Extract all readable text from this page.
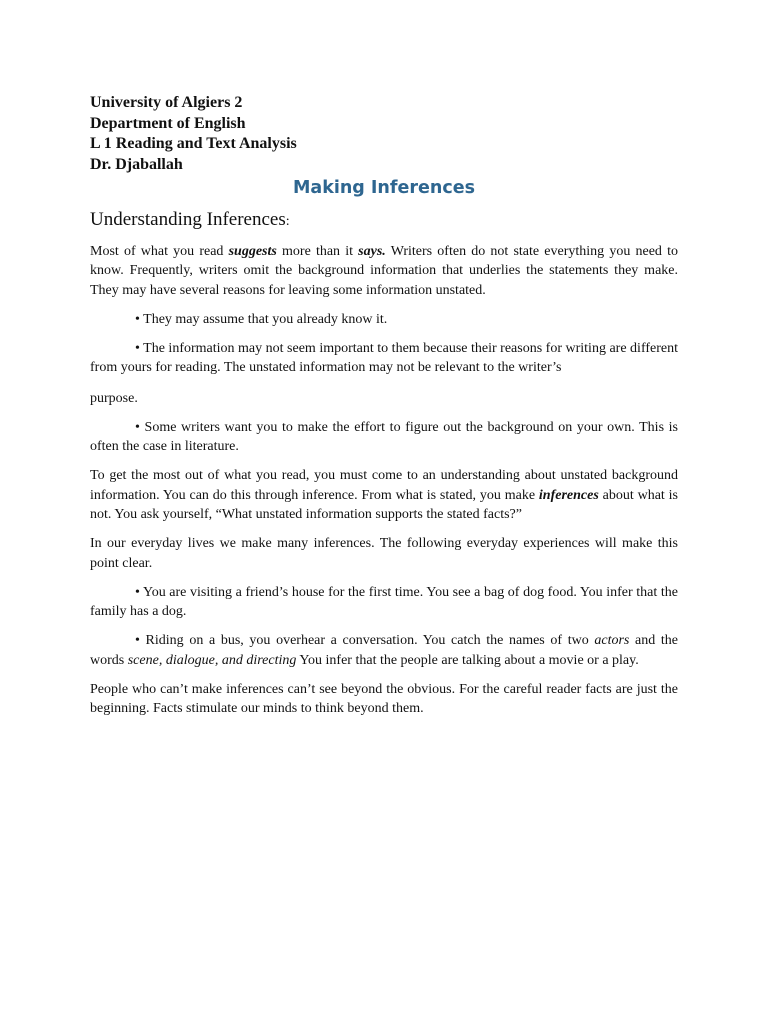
University of Algiers 2

Department of English

L 1 Reading and Text Analysis

Dr. Djaballah

Making Inferences
Understanding Inferences:

Most of what you read suggests more than it says. Writers often do not state everything you need to know. Frequently, writers omit the background information that underlies the statements they make. They may have several reasons for leaving some information unstated.

• They may assume that you already know it.

• The information may not seem important to them because their reasons for writing are different from yours for reading. The unstated information may not be relevant to the writer’s

purpose.

• Some writers want you to make the effort to figure out the background on your own. This is often the case in literature.

To get the most out of what you read, you must come to an understanding about unstated background information. You can do this through inference. From what is stated, you make inferences about what is not. You ask yourself, “What unstated information supports the stated facts?”

In our everyday lives we make many inferences. The following everyday experiences will make this point clear.

• You are visiting a friend’s house for the first time. You see a bag of dog food. You infer that the family has a dog.

• Riding on a bus, you overhear a conversation. You catch the names of two actors and the words scene, dialogue, and directing You infer that the people are talking about a movie or a play.

People who can’t make inferences can’t see beyond the obvious. For the careful reader facts are just the beginning. Facts stimulate our minds to think beyond them.
